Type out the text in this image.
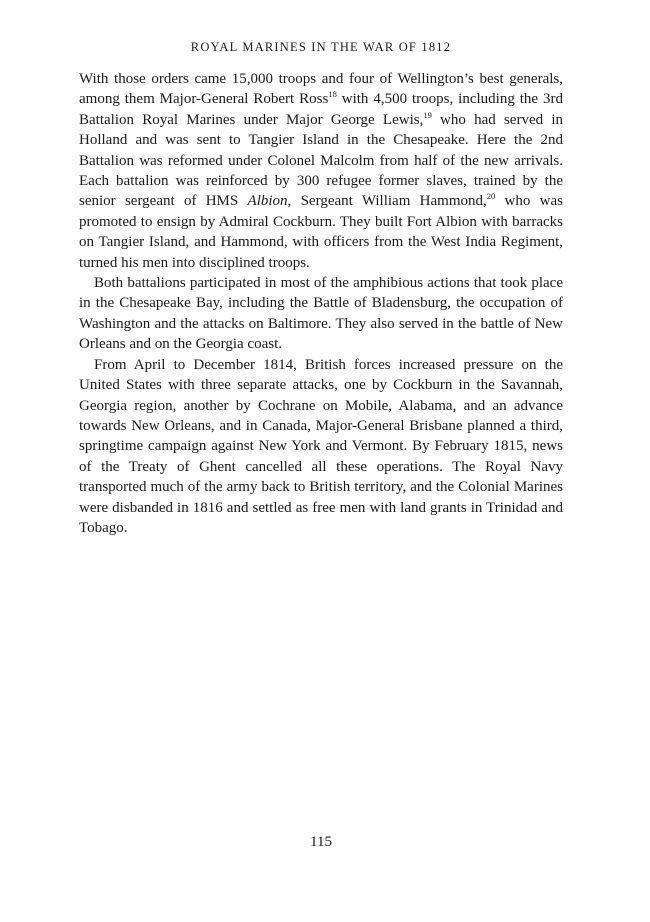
ROYAL MARINES IN THE WAR OF 1812

With those orders came 15,000 troops and four of Wellington’s best generals, among them Major-General Robert Ross$^{18}$ with 4,500 troops, including the 3rd Battalion Royal Marines under Major George Lewis,$^{19}$ who had served in Holland and was sent to Tangier Island in the Chesapeake. Here the 2nd Battalion was reformed under Colonel Malcolm from half of the new arrivals. Each battalion was reinforced by 300 refugee former slaves, trained by the senior sergeant of HMS Albion, Sergeant William Hammond,$^{20}$ who was promoted to ensign by Admiral Cockburn. They built Fort Albion with barracks on Tangier Island, and Hammond, with officers from the West India Regiment, turned his men into disciplined troops.

Both battalions participated in most of the amphibious actions that took place in the Chesapeake Bay, including the Battle of Bladensburg, the occupation of Washington and the attacks on Baltimore. They also served in the battle of New Orleans and on the Georgia coast.

From April to December 1814, British forces increased pressure on the United States with three separate attacks, one by Cockburn in the Savannah, Georgia region, another by Cochrane on Mobile, Alabama, and an advance towards New Orleans, and in Canada, Major-General Brisbane planned a third, springtime campaign against New York and Vermont. By February 1815, news of the Treaty of Ghent cancelled all these operations. The Royal Navy transported much of the army back to British territory, and the Colonial Marines were disbanded in 1816 and settled as free men with land grants in Trinidad and Tobago.

115
